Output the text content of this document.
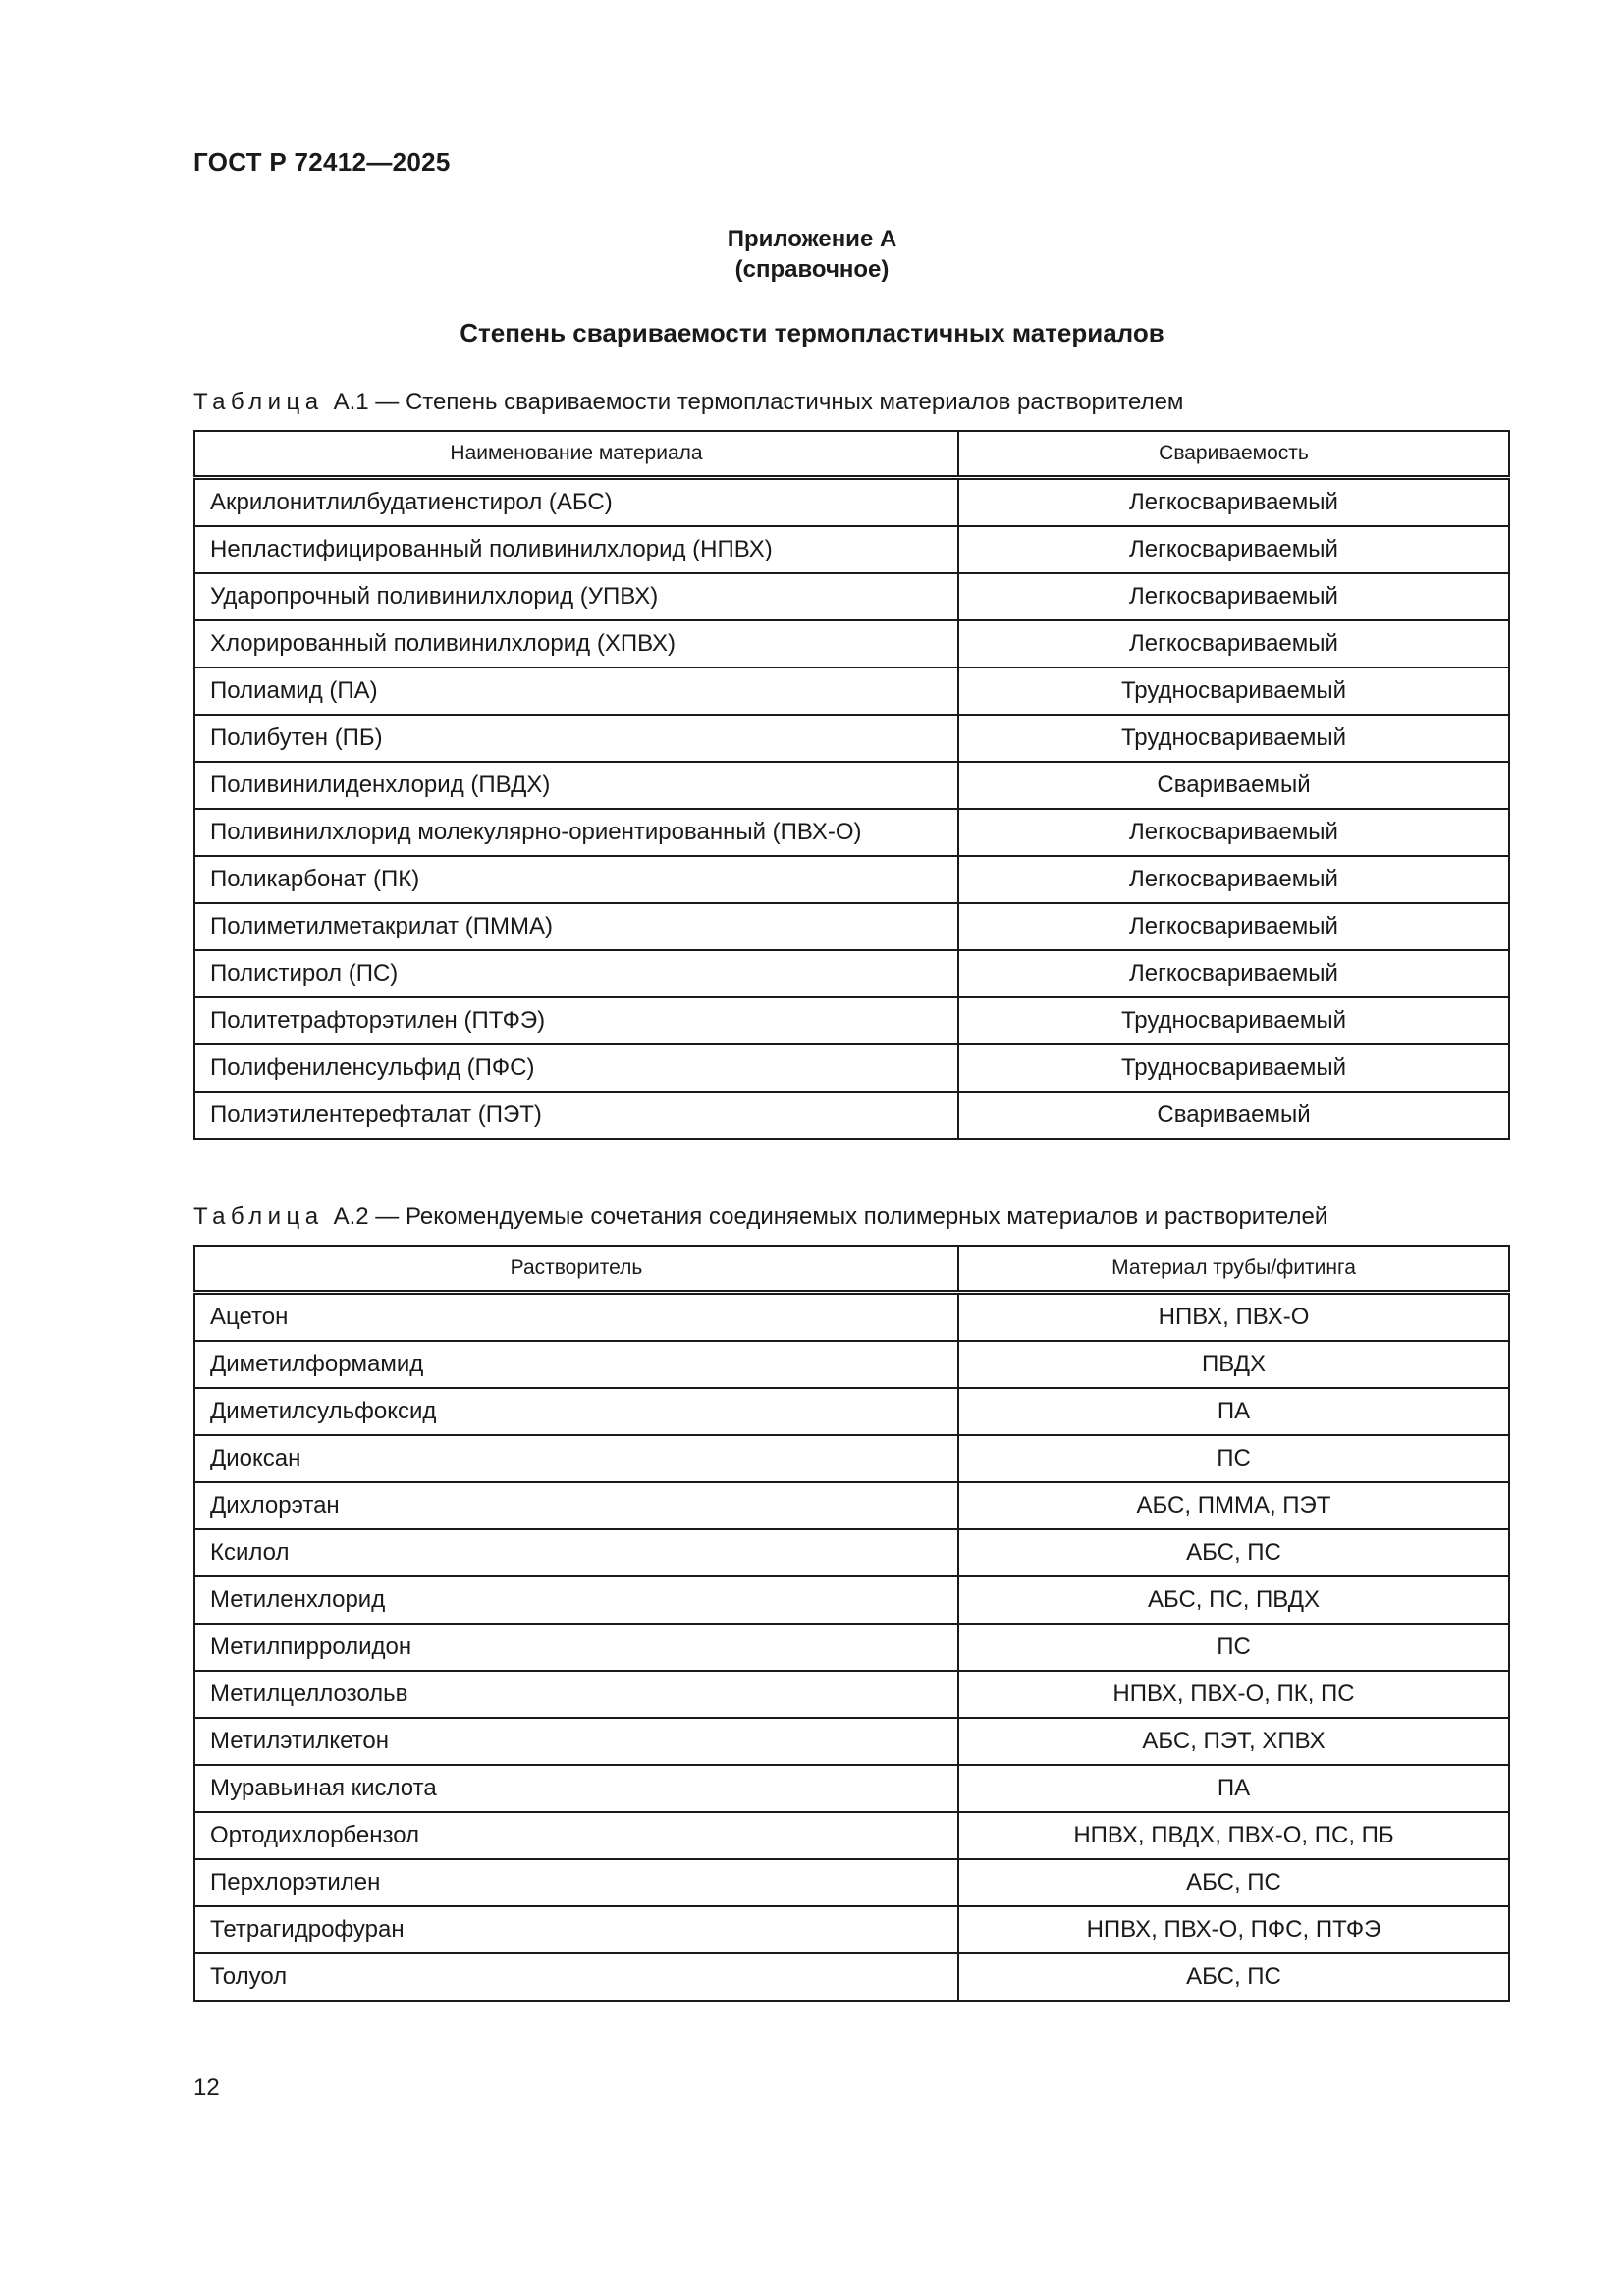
ГОСТ Р 72412—2025
Приложение А
(справочное)
Степень свариваемости термопластичных материалов
Таблица А.1 — Степень свариваемости термопластичных материалов растворителем
Наименование материала	Свариваемость
Акрилонитлилбудатиенстирол (АБС)	Легкосвариваемый
Непластифицированный поливинилхлорид (НПВХ)	Легкосвариваемый
Ударопрочный поливинилхлорид (УПВХ)	Легкосвариваемый
Хлорированный поливинилхлорид (ХПВХ)	Легкосвариваемый
Полиамид (ПА)	Трудносвариваемый
Полибутен (ПБ)	Трудносвариваемый
Поливинилиденхлорид (ПВДХ)	Свариваемый
Поливинилхлорид молекулярно-ориентированный (ПВХ-О)	Легкосвариваемый
Поликарбонат (ПК)	Легкосвариваемый
Полиметилметакрилат (ПММА)	Легкосвариваемый
Полистирол (ПС)	Легкосвариваемый
Политетрафторэтилен (ПТФЭ)	Трудносвариваемый
Полифениленсульфид (ПФС)	Трудносвариваемый
Полиэтилентерефталат (ПЭТ)	Свариваемый
Таблица А.2 — Рекомендуемые сочетания соединяемых полимерных материалов и растворителей
Растворитель	Материал трубы/фитинга
Ацетон	НПВХ, ПВХ-О
Диметилформамид	ПВДХ
Диметилсульфоксид	ПА
Диоксан	ПС
Дихлорэтан	АБС, ПММА, ПЭТ
Ксилол	АБС, ПС
Метиленхлорид	АБС, ПС, ПВДХ
Метилпирролидон	ПС
Метилцеллозольв	НПВХ, ПВХ-О, ПК, ПС
Метилэтилкетон	АБС, ПЭТ, ХПВХ
Муравьиная кислота	ПА
Ортодихлорбензол	НПВХ, ПВДХ, ПВХ-О, ПС, ПБ
Перхлорэтилен	АБС, ПС
Тетрагидрофуран	НПВХ, ПВХ-О, ПФС, ПТФЭ
Толуол	АБС, ПС
12
